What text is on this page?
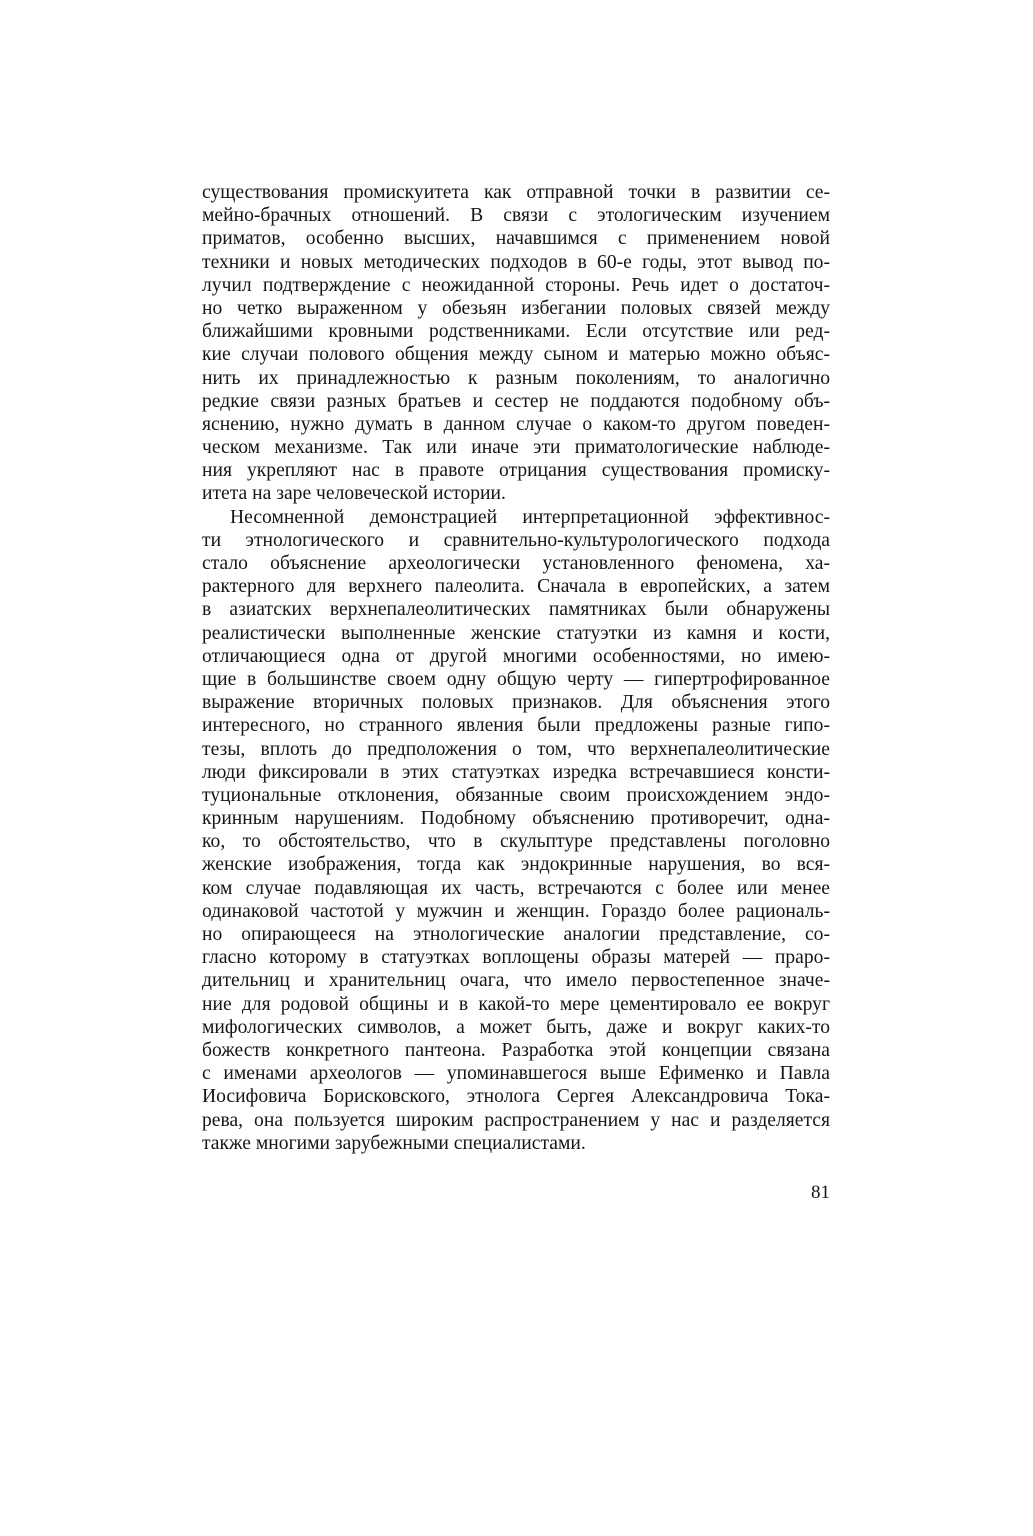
существования промискуитета как отправной точки в развитии се-
мейно-брачных отношений. В связи с этологическим изучением
приматов, особенно высших, начавшимся с применением новой
техники и новых методических подходов в 60-е годы, этот вывод по-
лучил подтверждение с неожиданной стороны. Речь идет о достаточ-
но четко выраженном у обезьян избегании половых связей между
ближайшими кровными родственниками. Если отсутствие или ред-
кие случаи полового общения между сыном и матерью можно объяс-
нить их принадлежностью к разным поколениям, то аналогично
редкие связи разных братьев и сестер не поддаются подобному объ-
яснению, нужно думать в данном случае о каком-то другом поведен-
ческом механизме. Так или иначе эти приматологические наблюде-
ния укрепляют нас в правоте отрицания существования промиску-
итета на заре человеческой истории.
Несомненной демонстрацией интерпретационной эффективнос-
ти этнологического и сравнительно-культурологического подхода
стало объяснение археологически установленного феномена, ха-
рактерного для верхнего палеолита. Сначала в европейских, а затем
в азиатских верхнепалеолитических памятниках были обнаружены
реалистически выполненные женские статуэтки из камня и кости,
отличающиеся одна от другой многими особенностями, но имею-
щие в большинстве своем одну общую черту — гипертрофированное
выражение вторичных половых признаков. Для объяснения этого
интересного, но странного явления были предложены разные гипо-
тезы, вплоть до предположения о том, что верхнепалеолитические
люди фиксировали в этих статуэтках изредка встречавшиеся консти-
туциональные отклонения, обязанные своим происхождением эндо-
кринным нарушениям. Подобному объяснению противоречит, одна-
ко, то обстоятельство, что в скульптуре представлены поголовно
женские изображения, тогда как эндокринные нарушения, во вся-
ком случае подавляющая их часть, встречаются с более или менее
одинаковой частотой у мужчин и женщин. Гораздо более рациональ-
но опирающееся на этнологические аналогии представление, со-
гласно которому в статуэтках воплощены образы матерей — праро-
дительниц и хранительниц очага, что имело первостепенное значе-
ние для родовой общины и в какой-то мере цементировало ее вокруг
мифологических символов, а может быть, даже и вокруг каких-то
божеств конкретного пантеона. Разработка этой концепции связана
с именами археологов — упоминавшегося выше Ефименко и Павла
Иосифовича Борисковского, этнолога Сергея Александровича Тока-
рева, она пользуется широким распространением у нас и разделяется
также многими зарубежными специалистами.
81
